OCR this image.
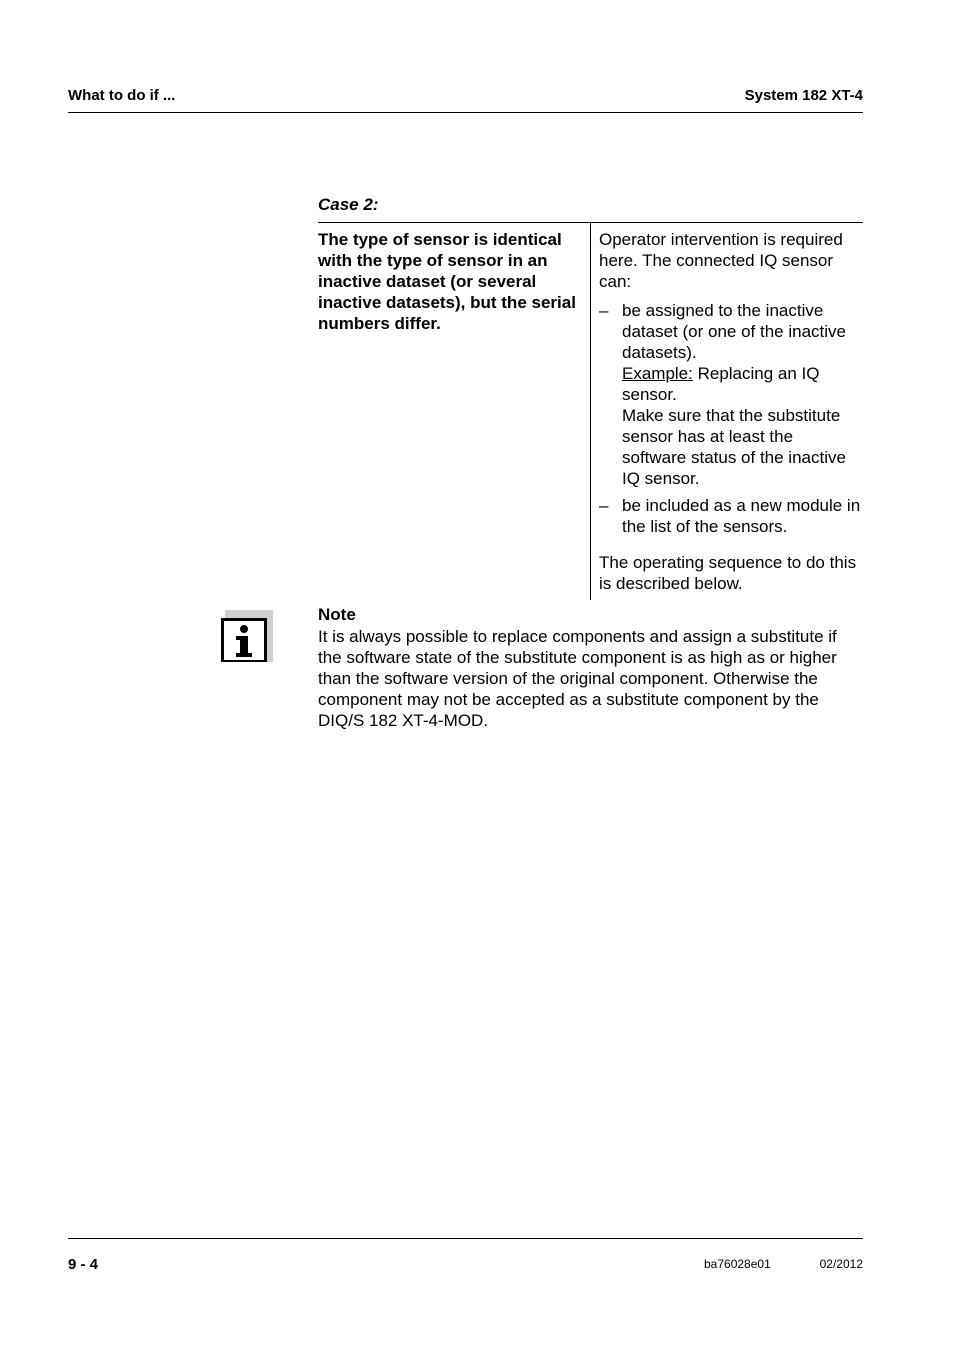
What to do if ...	System 182 XT-4
Case 2:
The type of sensor is identical with the type of sensor in an inactive dataset (or several inactive datasets), but the serial numbers differ.

Operator intervention is required here. The connected IQ sensor can:

– be assigned to the inactive dataset (or one of the inactive datasets).
Example: Replacing an IQ sensor.
Make sure that the substitute sensor has at least the software status of the inactive IQ sensor.
– be included as a new module in the list of the sensors.

The operating sequence to do this is described below.

Note
It is always possible to replace components and assign a substitute if the software state of the substitute component is as high as or higher than the software version of the original component. Otherwise the component may not be accepted as a substitute component by the DIQ/S 182 XT-4-MOD.
9 - 4	ba76028e01	02/2012
